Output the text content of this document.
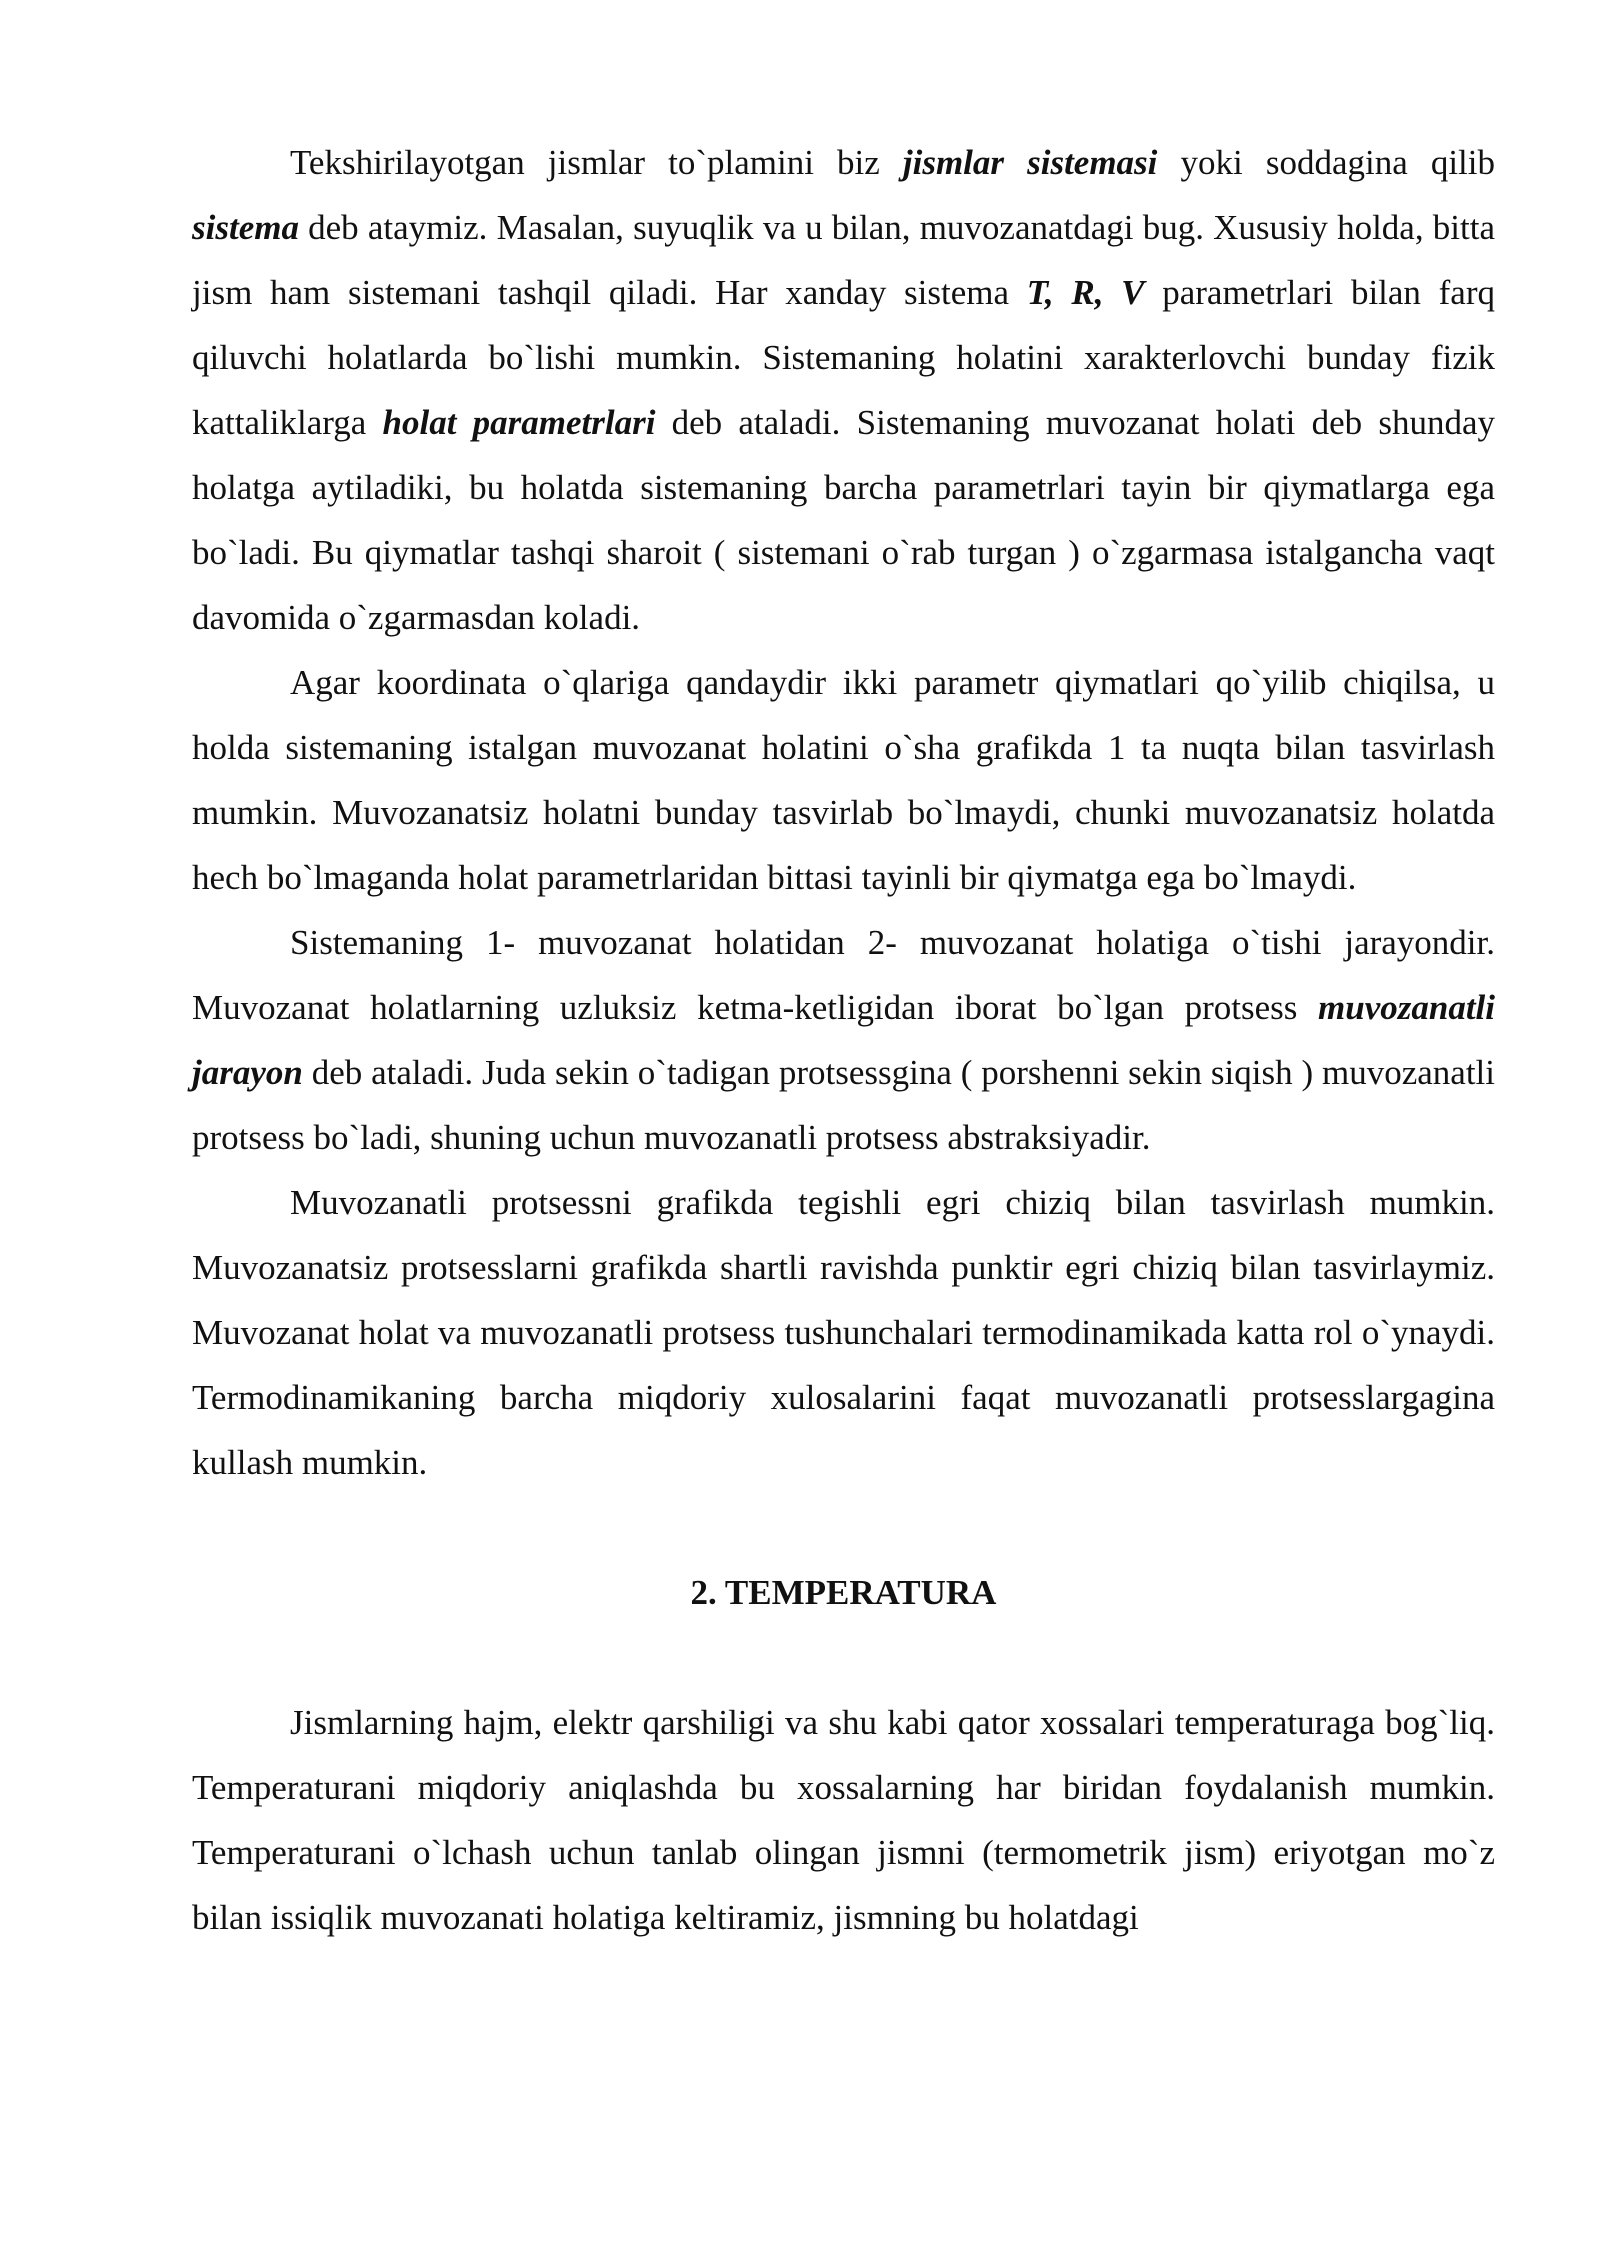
Tekshirilayotgan jismlar to`plamini biz jismlar sistemasi yoki soddagina qilib sistema deb ataymiz. Masalan, suyuqlik va u bilan, muvozanatdagi bug. Xususiy holda, bitta jism ham sistemani tashqil qiladi. Har xanday sistema T, R, V parametrlari bilan farq qiluvchi holatlarda bo`lishi mumkin. Sistemaning holatini xarakterlovchi bunday fizik kattaliklarga holat parametrlari deb ataladi. Sistemaning muvozanat holati deb shunday holatga aytiladiki, bu holatda sistemaning barcha parametrlari tayin bir qiymatlarga ega bo`ladi. Bu qiymatlar tashqi sharoit ( sistemani o`rab turgan ) o`zgarmasa istalgancha vaqt davomida o`zgarmasdan koladi.

Agar koordinata o`qlariga qandaydir ikki parametr qiymatlari qo`yilib chiqilsa, u holda sistemaning istalgan muvozanat holatini o`sha grafikda 1 ta nuqta bilan tasvirlash mumkin. Muvozanatsiz holatni bunday tasvirlab bo`lmaydi, chunki muvozanatsiz holatda hech bo`lmaganda holat parametrlaridan bittasi tayinli bir qiymatga ega bo`lmaydi.

Sistemaning 1- muvozanat holatidan 2- muvozanat holatiga o`tishi jarayondir. Muvozanat holatlarning uzluksiz ketma-ketligidan iborat bo`lgan protsess muvozanatli jarayon deb ataladi. Juda sekin o`tadigan protsessgina ( porshenni sekin siqish ) muvozanatli protsess bo`ladi, shuning uchun muvozanatli protsess abstraksiyadir.

Muvozanatli protsessni grafikda tegishli egri chiziq bilan tasvirlash mumkin. Muvozanatsiz protsesslarni grafikda shartli ravishda punktir egri chiziq bilan tasvirlaymiz. Muvozanat holat va muvozanatli protsess tushunchalari termodinamikada katta rol o`ynaydi. Termodinamikaning barcha miqdoriy xulosalarini faqat muvozanatli protsesslargagina kullash mumkin.

2. TEMPERATURA

Jismlarning hajm, elektr qarshiligi va shu kabi qator xossalari temperaturaga bog`liq. Temperaturani miqdoriy aniqlashda bu xossalarning har biridan foydalanish mumkin. Temperaturani o`lchash uchun tanlab olingan jismni (termometrik jism) eriyotgan mo`z bilan issiqlik muvozanati holatiga keltiramiz, jismning bu holatdagi
